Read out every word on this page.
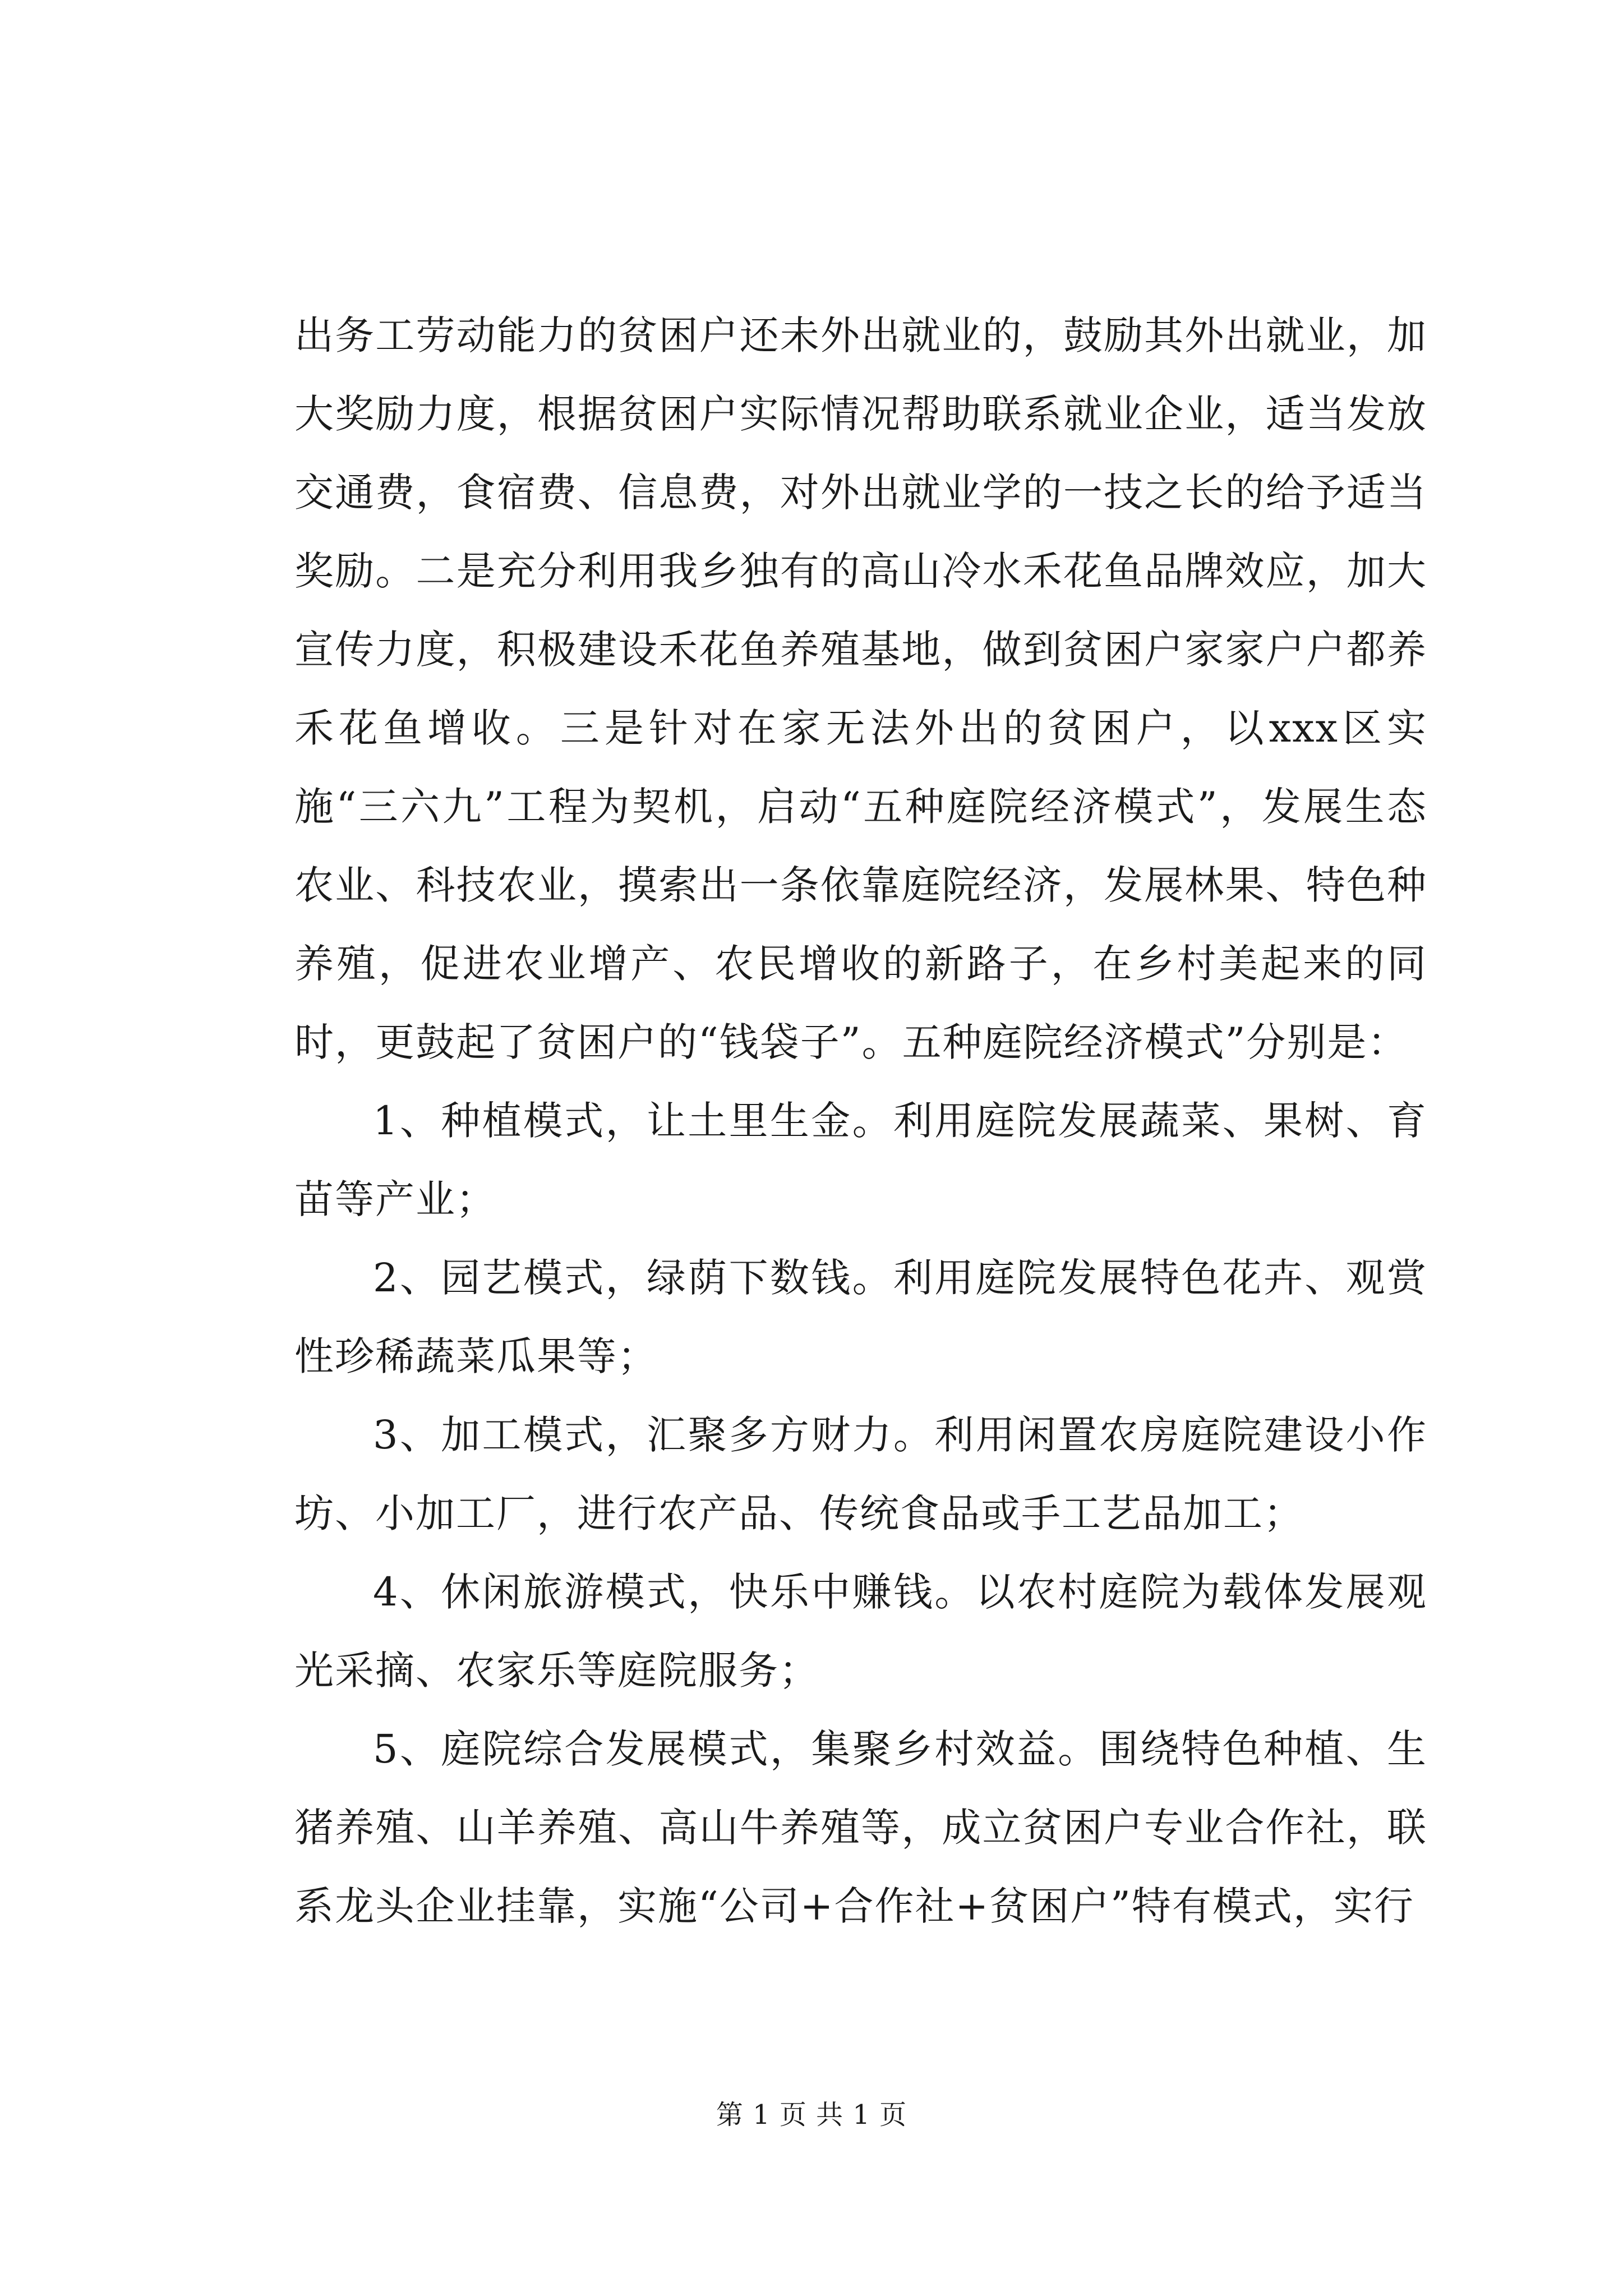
出务工劳动能力的贫困户还未外出就业的，鼓励其外出就业，加大奖励力度，根据贫困户实际情况帮助联系就业企业，适当发放交通费，食宿费、信息费，对外出就业学的一技之长的给予适当奖励。二是充分利用我乡独有的高山冷水禾花鱼品牌效应，加大宣传力度，积极建设禾花鱼养殖基地，做到贫困户家家户户都养禾花鱼增收。三是针对在家无法外出的贫困户，以xxx区实施“三六九”工程为契机，启动“五种庭院经济模式”，发展生态农业、科技农业，摸索出一条依靠庭院经济，发展林果、特色种养殖，促进农业增产、农民增收的新路子，在乡村美起来的同时，更鼓起了贫困户的“钱袋子”。五种庭院经济模式”分别是：

1、种植模式，让土里生金。利用庭院发展蔬菜、果树、育苗等产业；

2、园艺模式，绿荫下数钱。利用庭院发展特色花卉、观赏性珍稀蔬菜瓜果等；

3、加工模式，汇聚多方财力。利用闲置农房庭院建设小作坊、小加工厂，进行农产品、传统食品或手工艺品加工；

4、休闲旅游模式，快乐中赚钱。以农村庭院为载体发展观光采摘、农家乐等庭院服务；

5、庭院综合发展模式，集聚乡村效益。围绕特色种植、生猪养殖、山羊养殖、高山牛养殖等，成立贫困户专业合作社，联系龙头企业挂靠，实施“公司+合作社+贫困户”特有模式，实行

第 1 页 共 1 页
